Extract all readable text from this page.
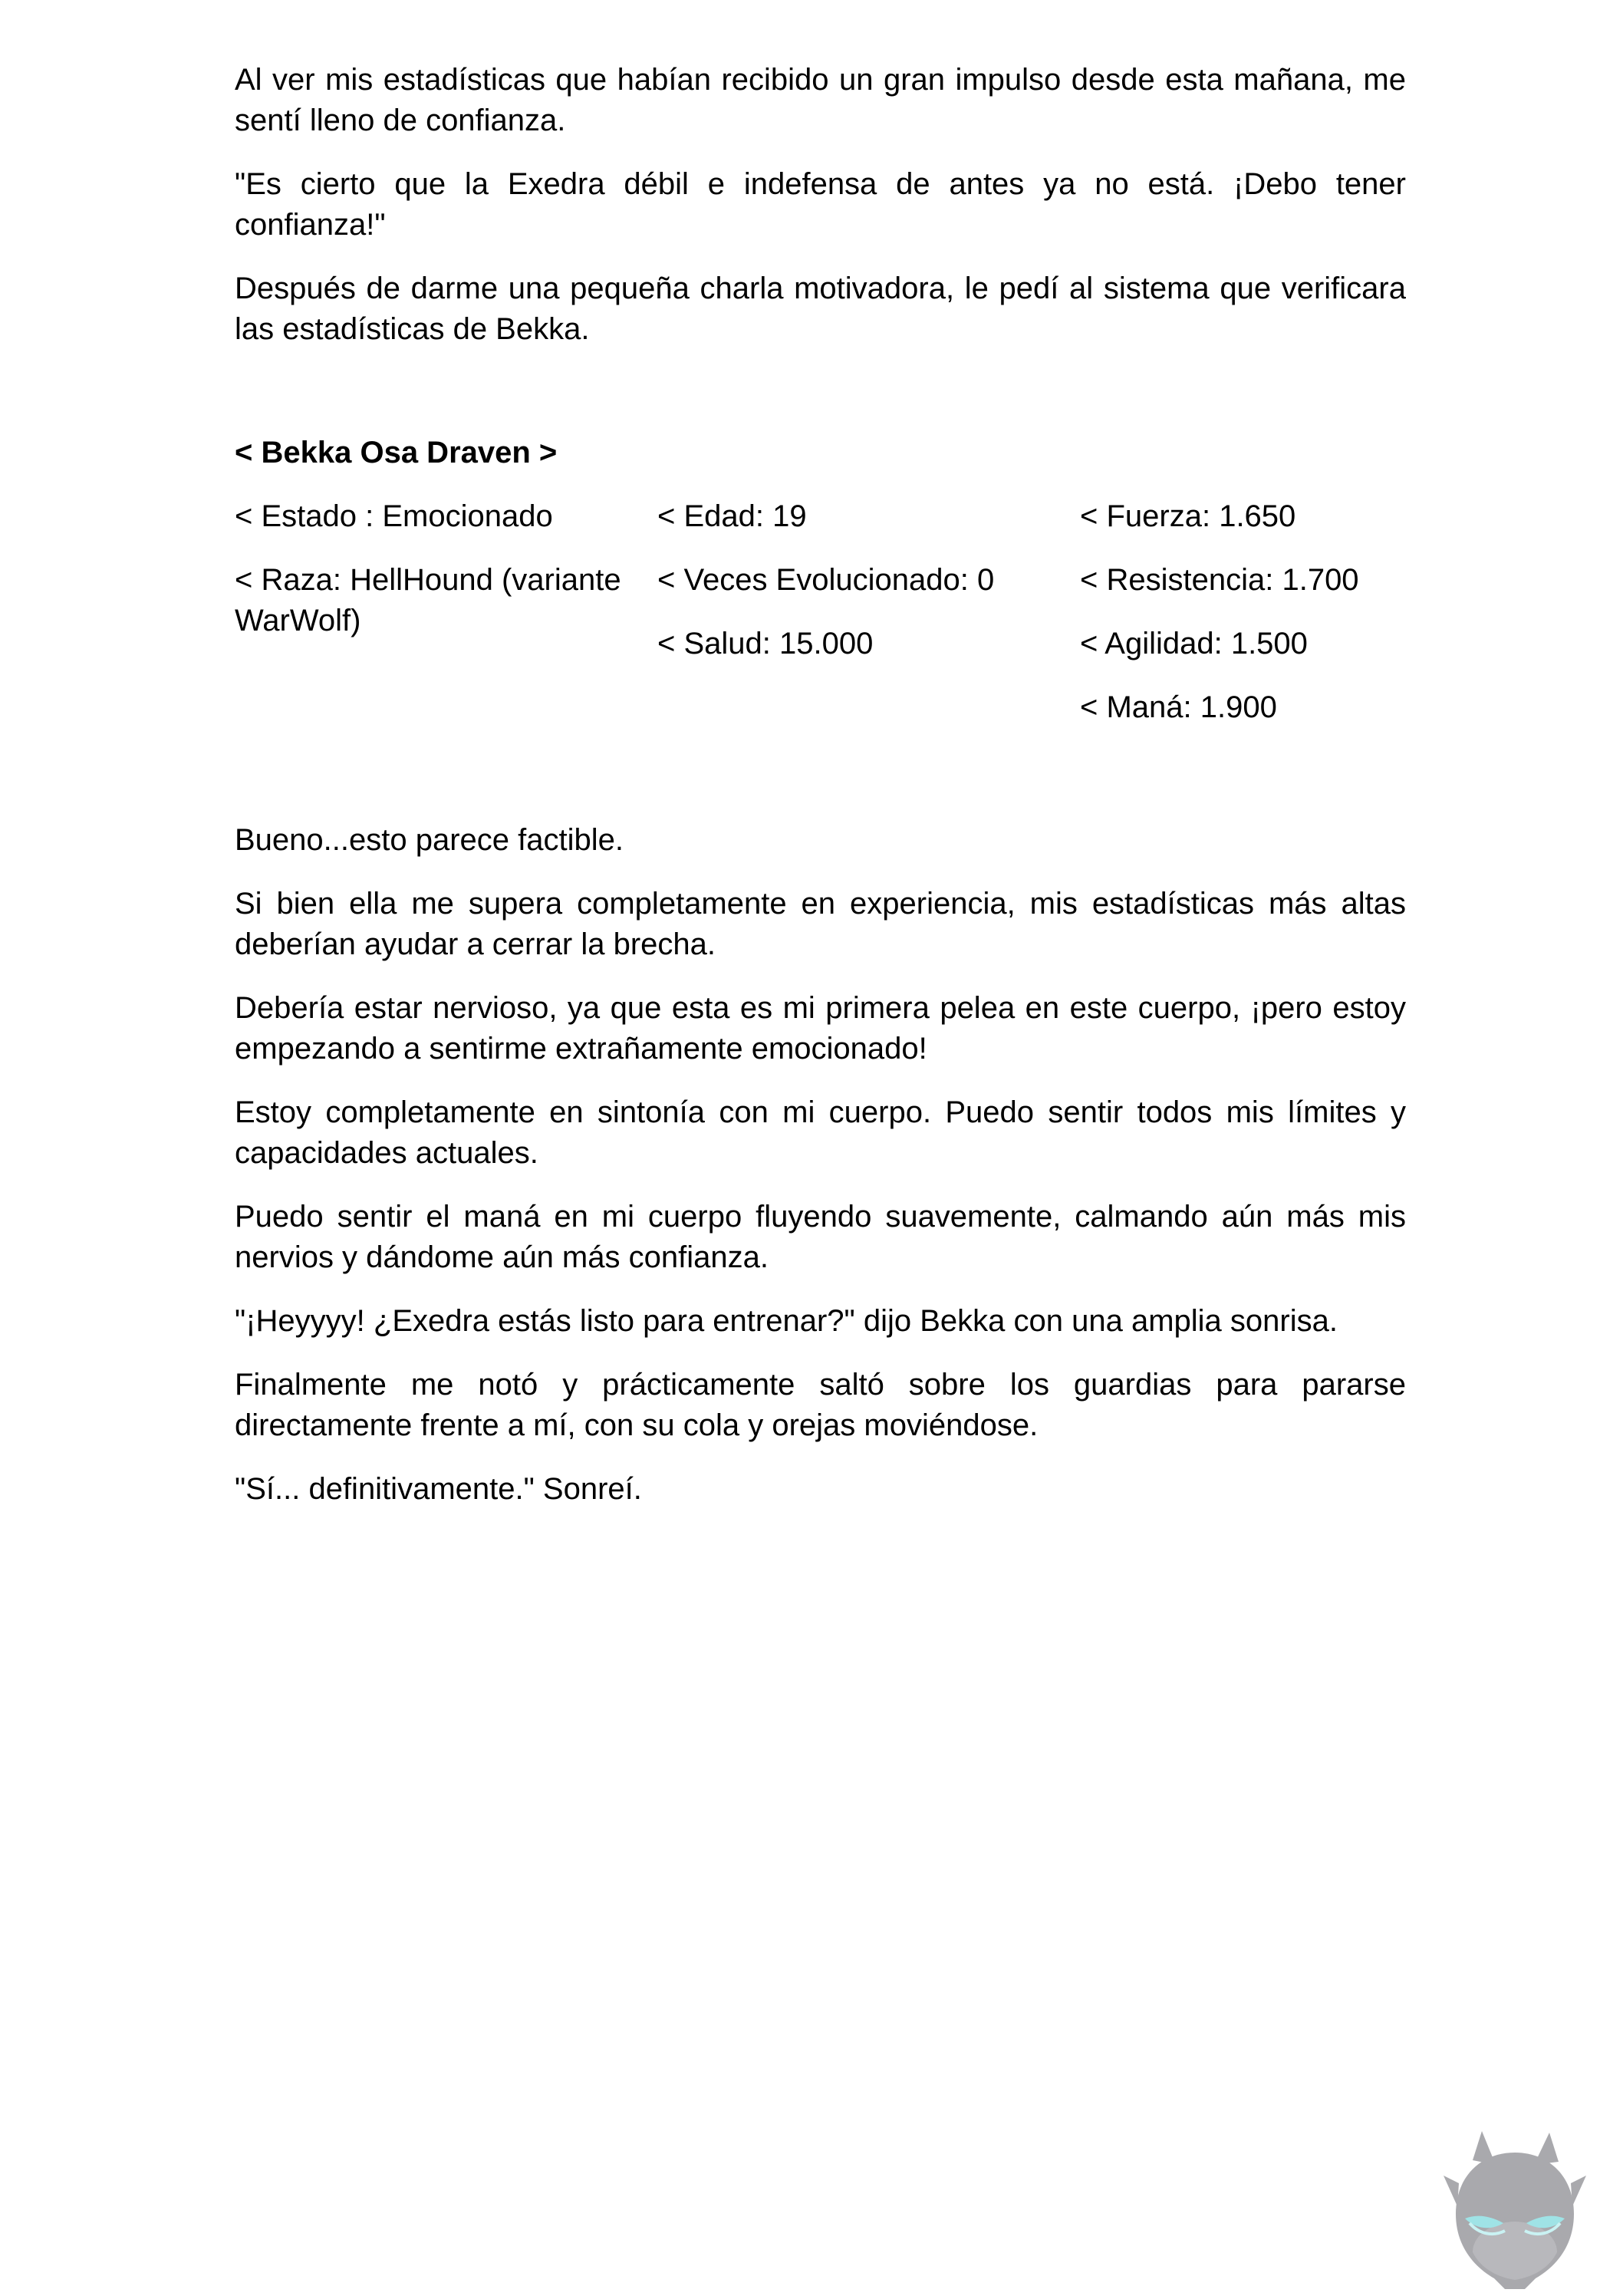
Al ver mis estadísticas que habían recibido un gran impulso desde esta mañana, me sentí lleno de confianza.

"Es cierto que la Exedra débil e indefensa de antes ya no está. ¡Debo tener confianza!"

Después de darme una pequeña charla motivadora, le pedí al sistema que verificara las estadísticas de Bekka.

< Bekka Osa Draven >
< Estado : Emocionado
< Raza: HellHound (variante WarWolf)
< Edad: 19
< Veces Evolucionado: 0
< Salud: 15.000
< Fuerza: 1.650
< Resistencia: 1.700
< Agilidad: 1.500
< Maná: 1.900

Bueno...esto parece factible.

Si bien ella me supera completamente en experiencia, mis estadísticas más altas deberían ayudar a cerrar la brecha.

Debería estar nervioso, ya que esta es mi primera pelea en este cuerpo, ¡pero estoy empezando a sentirme extrañamente emocionado!

Estoy completamente en sintonía con mi cuerpo. Puedo sentir todos mis límites y capacidades actuales.

Puedo sentir el maná en mi cuerpo fluyendo suavemente, calmando aún más mis nervios y dándome aún más confianza.

"¡Heyyyy! ¿Exedra estás listo para entrenar?" dijo Bekka con una amplia sonrisa.

Finalmente me notó y prácticamente saltó sobre los guardias para pararse directamente frente a mí, con su cola y orejas moviéndose.

"Sí... definitivamente." Sonreí.
